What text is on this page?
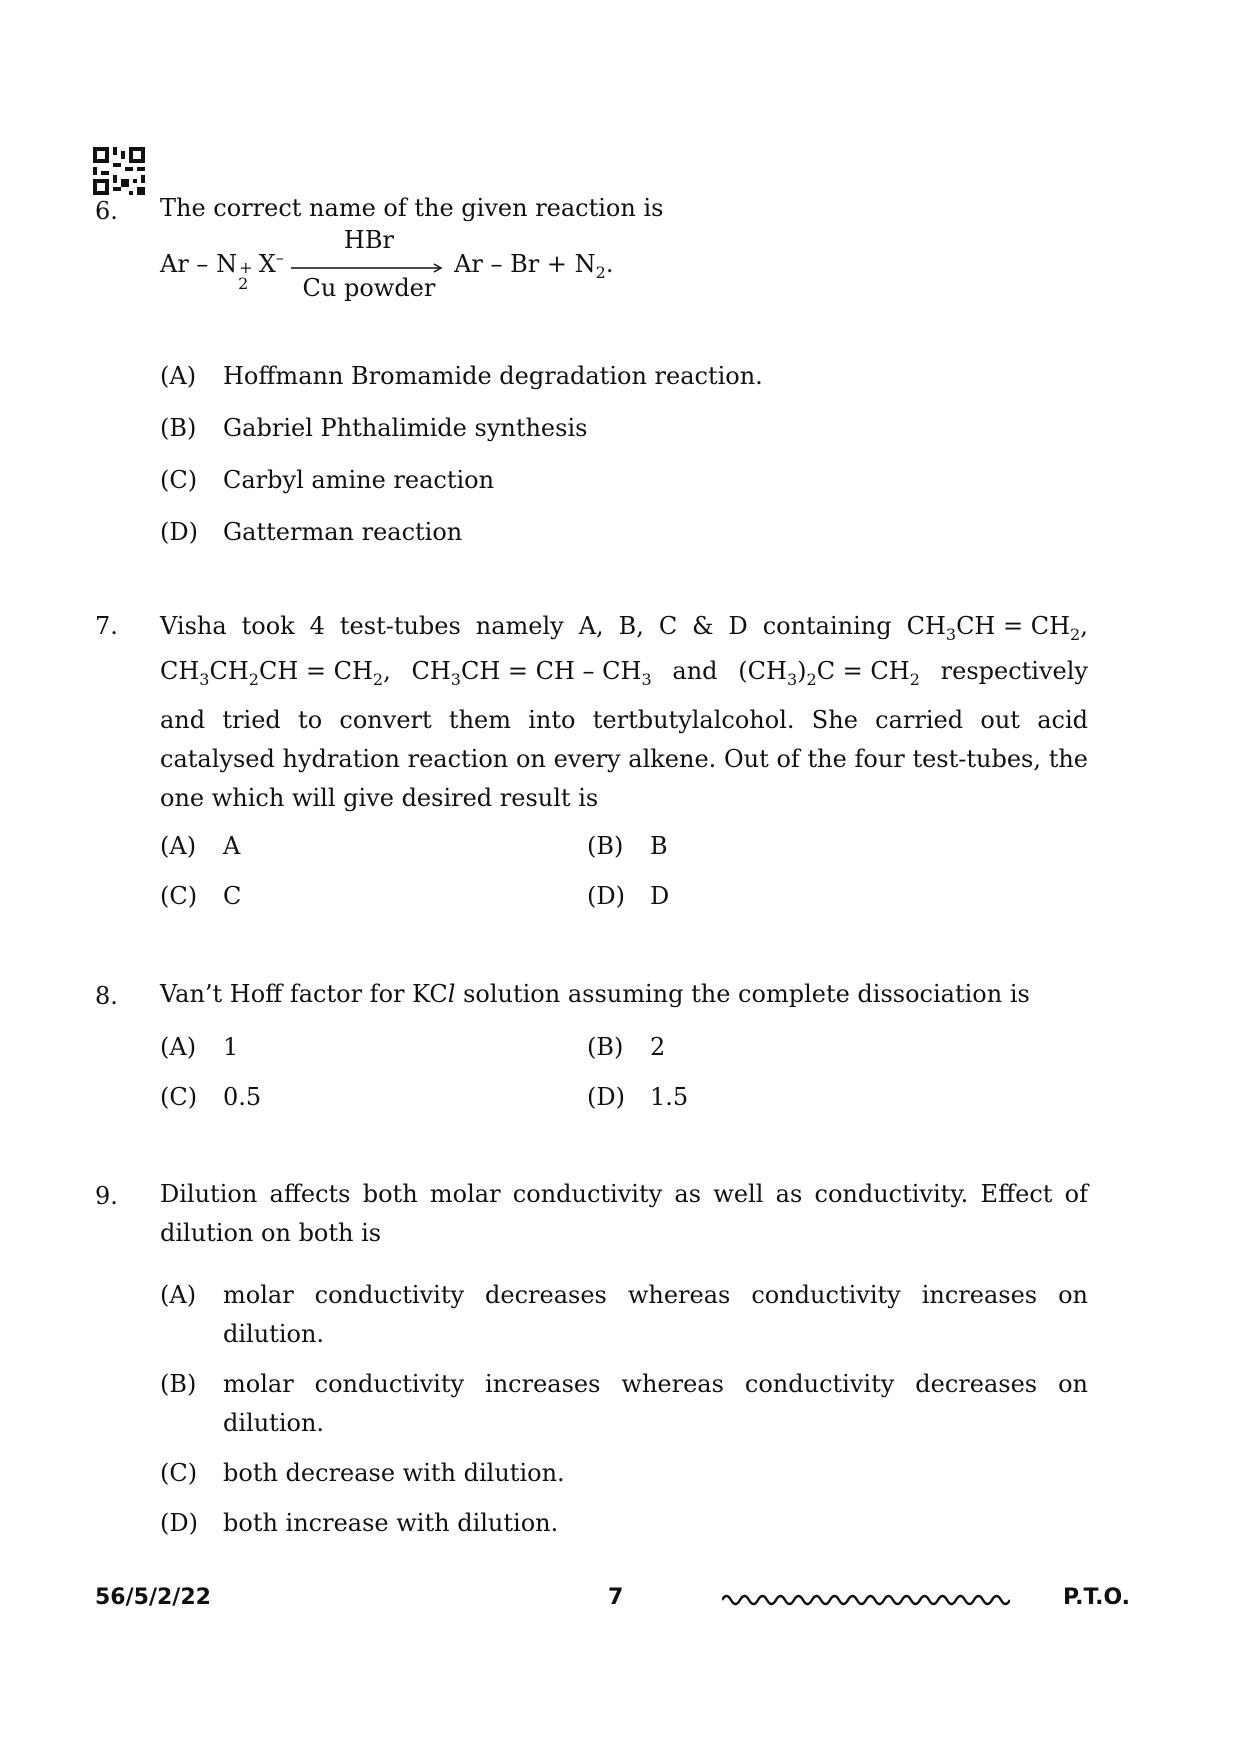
6. The correct name of the given reaction is
Ar – N +
2
X–
HBr
Cu powder
$Ar - Br + N_2$.
(A) Hoffmann Bromamide degradation reaction.
(B) Gabriel Phthalimide synthesis
(C) Carbyl amine reaction
(D) Gatterman reaction
7. Visha took 4 test-tubes namely A, B, C & D containing $CH_3CH = CH_2$,
$CH_3CH_2CH = CH_2$, $CH_3CH$ = CH – $CH_3$ and $(CH_3)_2C = CH_2$ respectively
and tried to convert them into tertbutylalcohol. She carried out acid catalysed hydration reaction on every alkene. Out of the four test-tubes, the one which will give desired result is
(A) A	(B) B
(C) C	(D) D
8. Van’t Hoff factor for KCl solution assuming the complete dissociation is
(A) 1	(B) 2
(C) 0.5	(D) 1.5
9. Dilution affects both molar conductivity as well as conductivity. Effect of dilution on both is
(A) molar conductivity decreases whereas conductivity increases on dilution.
(B) molar conductivity increases whereas conductivity decreases on dilution.
(C) both decrease with dilution.
(D) both increase with dilution.
56/5/2/22	7	P.T.O.
